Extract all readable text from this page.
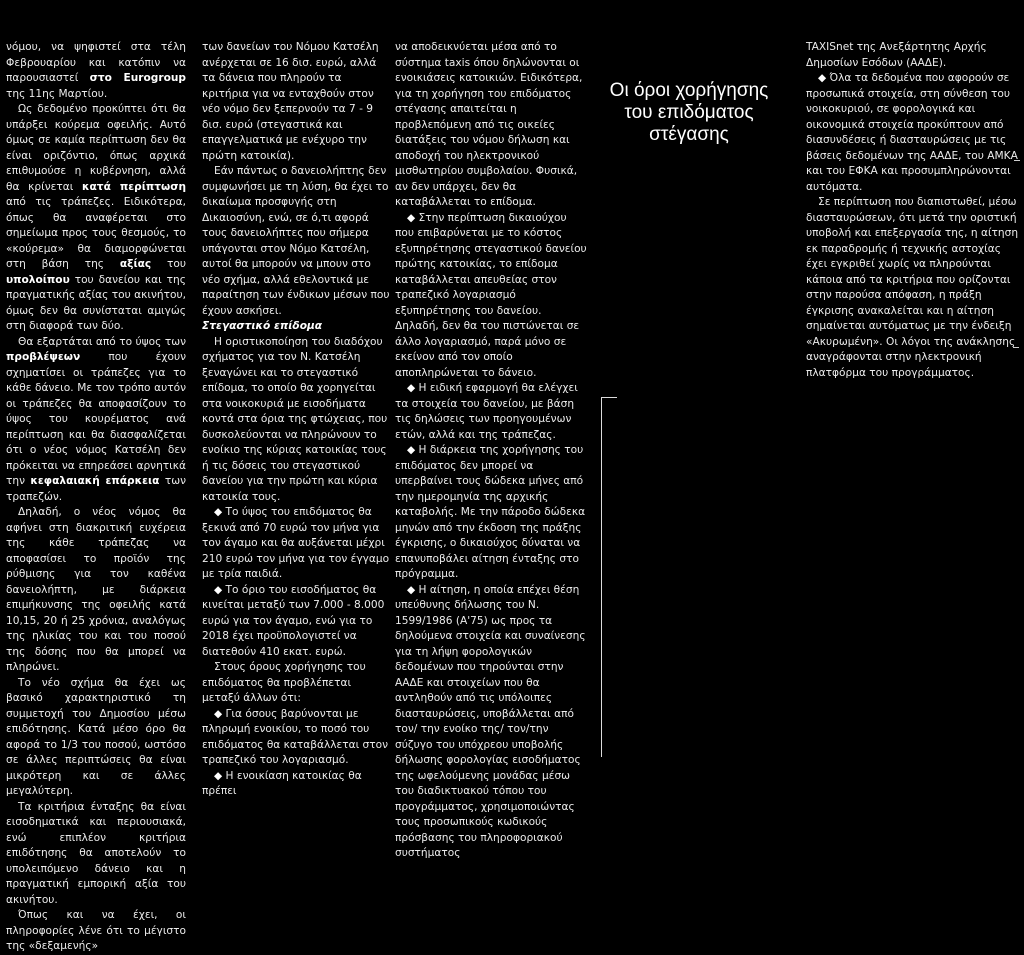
Οι όροι χορήγησης
του επιδόματος
στέγασης

νόμου, να ψηφιστεί στα τέλη Φεβρουαρίου και κατόπιν να παρουσιαστεί στο Eurogroup της 11ης Μαρτίου.

Ως δεδομένο προκύπτει ότι θα υπάρξει κούρεμα οφειλής. Αυτό όμως σε καμία περίπτωση δεν θα είναι οριζόντιο, όπως αρχικά επιθυμούσε η κυβέρνηση, αλλά θα κρίνεται κατά περίπτωση από τις τράπεζες. Ειδικότερα, όπως θα αναφέρεται στο σημείωμα προς τους θεσμούς, το «κούρεμα» θα διαμορφώνεται στη βάση της αξίας του υπολοίπου του δανείου και της πραγματικής αξίας του ακινήτου, όμως δεν θα συνίσταται αμιγώς στη διαφορά των δύο.

Θα εξαρτάται από το ύψος των προβλέψεων που έχουν σχηματίσει οι τράπεζες για το κάθε δάνειο. Με τον τρόπο αυτόν οι τράπεζες θα αποφασίζουν το ύψος του κουρέματος ανά περίπτωση και θα διασφαλίζεται ότι ο νέος νόμος Κατσέλη δεν πρόκειται να επηρεάσει αρνητικά την κεφαλαιακή επάρκεια των τραπεζών.

Δηλαδή, ο νέος νόμος θα αφήνει στη διακριτική ευχέρεια της κάθε τράπεζας να αποφασίσει το προϊόν της ρύθμισης για τον καθένα δανειολήπτη, με διάρκεια επιμήκυνσης της οφειλής κατά 10,15, 20 ή 25 χρόνια, αναλόγως της ηλικίας του και του ποσού της δόσης που θα μπορεί να πληρώνει.

Το νέο σχήμα θα έχει ως βασικό χαρακτηριστικό τη συμμετοχή του Δημοσίου μέσω επιδότησης. Κατά μέσο όρο θα αφορά το 1/3 του ποσού, ωστόσο σε άλλες περιπτώσεις θα είναι μικρότερη και σε άλλες μεγαλύτερη.

Τα κριτήρια ένταξης θα είναι εισοδηματικά και περιουσιακά, ενώ επιπλέον κριτήρια επιδότησης θα αποτελούν το υπολειπόμενο δάνειο και η πραγματική εμπορική αξία του ακινήτου.

Όπως και να έχει, οι πληροφορίες λένε ότι το μέγιστο της «δεξαμενής»

των δανείων του Νόμου Κατσέλη ανέρχεται σε 16 δισ. ευρώ, αλλά τα δάνεια που πληρούν τα κριτήρια για να ενταχθούν στον νέο νόμο δεν ξεπερνούν τα 7 - 9 δισ. ευρώ (στεγαστικά και επαγγελματικά με ενέχυρο την πρώτη κατοικία).

Εάν πάντως ο δανειολήπτης δεν συμφωνήσει με τη λύση, θα έχει το δικαίωμα προσφυγής στη Δικαιοσύνη, ενώ, σε ό,τι αφορά τους δανειολήπτες που σήμερα υπάγονται στον Νόμο Κατσέλη, αυτοί θα μπορούν να μπουν στο νέο σχήμα, αλλά εθελοντικά με παραίτηση των ένδικων μέσων που έχουν ασκήσει.

Στεγαστικό επίδομα

Η οριστικοποίηση του διαδόχου σχήματος για τον Ν. Κατσέλη ξεναγώνει και το στεγαστικό επίδομα, το οποίο θα χορηγείται στα νοικοκυριά με εισοδήματα κοντά στα όρια της φτώχειας, που δυσκολεύονται να πληρώνουν το ενοίκιο της κύριας κατοικίας τους ή τις δόσεις του στεγαστικού δανείου για την πρώτη και κύρια κατοικία τους.

◆ Το ύψος του επιδόματος θα ξεκινά από 70 ευρώ τον μήνα για τον άγαμο και θα αυξάνεται μέχρι 210 ευρώ τον μήνα για τον έγγαμο με τρία παιδιά.

◆ Το όριο του εισοδήματος θα κινείται μεταξύ των 7.000 - 8.000 ευρώ για τον άγαμο, ενώ για το 2018 έχει προϋπολογιστεί να διατεθούν 410 εκατ. ευρώ.

Στους όρους χορήγησης του επιδόματος θα προβλέπεται μεταξύ άλλων ότι:

◆ Για όσους βαρύνονται με πληρωμή ενοικίου, το ποσό του επιδόματος θα καταβάλλεται στον τραπεζικό του λογαριασμό.

◆ Η ενοικίαση κατοικίας θα πρέπει

να αποδεικνύεται μέσα από το σύστημα taxis όπου δηλώνονται οι ενοικιάσεις κατοικιών. Ειδικότερα, για τη χορήγηση του επιδόματος στέγασης απαιτείται η προβλεπόμενη από τις οικείες διατάξεις του νόμου δήλωση και αποδοχή του ηλεκτρονικού μισθωτηρίου συμβολαίου. Φυσικά, αν δεν υπάρχει, δεν θα καταβάλλεται το επίδομα.

◆ Στην περίπτωση δικαιούχου που επιβαρύνεται με το κόστος εξυπηρέτησης στεγαστικού δανείου πρώτης κατοικίας, το επίδομα καταβάλλεται απευθείας στον τραπεζικό λογαριασμό εξυπηρέτησης του δανείου. Δηλαδή, δεν θα του πιστώνεται σε άλλο λογαριασμό, παρά μόνο σε εκείνον από τον οποίο αποπληρώνεται το δάνειο.

◆ Η ειδική εφαρμογή θα ελέγχει τα στοιχεία του δανείου, με βάση τις δηλώσεις των προηγουμένων ετών, αλλά και της τράπεζας.

◆ Η διάρκεια της χορήγησης του επιδόματος δεν μπορεί να υπερβαίνει τους δώδεκα μήνες από την ημερομηνία της αρχικής καταβολής. Με την πάροδο δώδεκα μηνών από την έκδοση της πράξης έγκρισης, ο δικαιούχος δύναται να επανυποβάλει αίτηση ένταξης στο πρόγραμμα.

◆ Η αίτηση, η οποία επέχει θέση υπεύθυνης δήλωσης του Ν. 1599/1986 (Α'75) ως προς τα δηλούμενα στοιχεία και συναίνεσης για τη λήψη φορολογικών δεδομένων που τηρούνται στην ΑΑΔΕ και στοιχείων που θα αντληθούν από τις υπόλοιπες διασταυρώσεις, υποβάλλεται από τον/ την ενοίκο της/ τον/την σύζυγο του υπόχρεου υποβολής δήλωσης φορολογίας εισοδήματος της ωφελούμενης μονάδας μέσω του διαδικτυακού τόπου του προγράμματος, χρησιμοποιώντας τους προσωπικούς κωδικούς πρόσβασης του πληροφοριακού συστήματος

TAXISnet της Ανεξάρτητης Αρχής Δημοσίων Εσόδων (ΑΑΔΕ).

◆ Όλα τα δεδομένα που αφορούν σε προσωπικά στοιχεία, στη σύνθεση του νοικοκυριού, σε φορολογικά και οικονομικά στοιχεία προκύπτουν από διασυνδέσεις ή διασταυρώσεις με τις βάσεις δεδομένων της ΑΑΔΕ, του ΑΜΚΑ και του ΕΦΚΑ και προσυμπληρώνονται αυτόματα.

Σε περίπτωση που διαπιστωθεί, μέσω διασταυρώσεων, ότι μετά την οριστική υποβολή και επεξεργασία της, η αίτηση εκ παραδρομής ή τεχνικής αστοχίας έχει εγκριθεί χωρίς να πληρούνται κάποια από τα κριτήρια που ορίζονται στην παρούσα απόφαση, η πράξη έγκρισης ανακαλείται και η αίτηση σημαίνεται αυτόματως με την ένδειξη «Ακυρωμένη». Οι λόγοι της ανάκλησης αναγράφονται στην ηλεκτρονική πλατφόρμα του προγράμματος.
